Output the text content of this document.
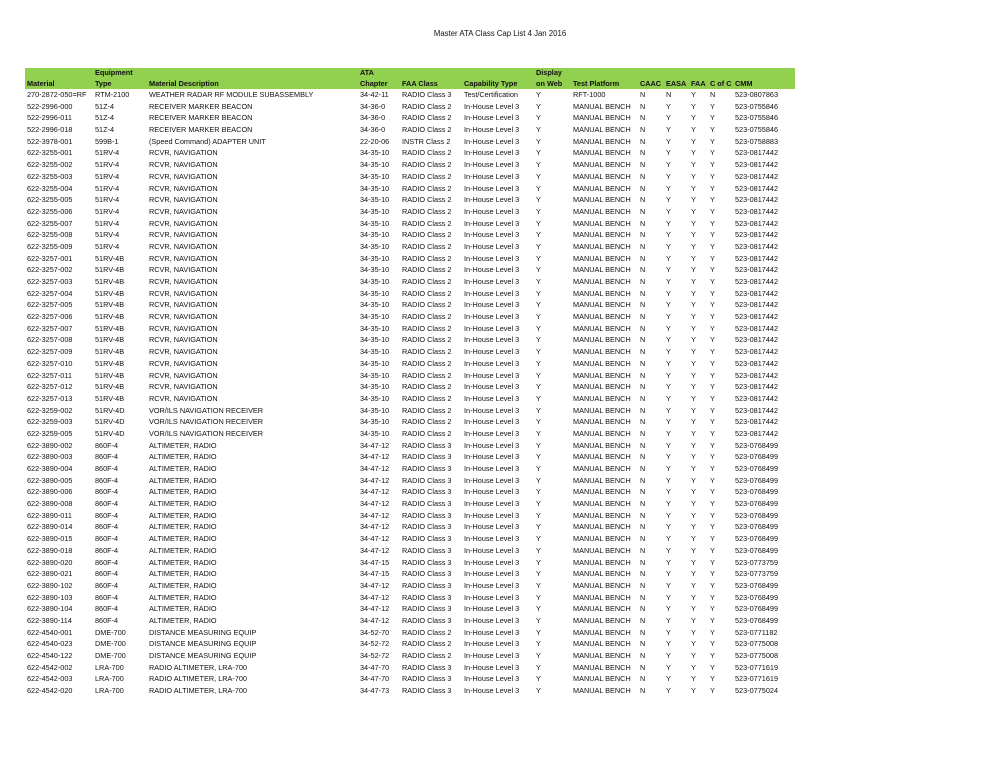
Master ATA Class Cap List 4 Jan 2016
	Equipment		ATA			Display						
Material	Type	Material Description	Chapter	FAA Class	Capability Type	on Web	Test Platform	CAAC	EASA	FAA	C of C	CMM
270-2872-050=RF	RTM-2100	WEATHER RADAR RF MODULE SUBASSEMBLY	34-42-11	RADIO Class 3	Test/Certification	Y	RFT-1000	N	N	Y	N	523-0807863
522-2996-000	51Z-4	RECEIVER MARKER BEACON	34-36-0	RADIO Class 2	In-House Level 3	Y	MANUAL BENCH	N	Y	Y	Y	523-0755846
522-2996-011	51Z-4	RECEIVER MARKER BEACON	34-36-0	RADIO Class 2	In-House Level 3	Y	MANUAL BENCH	N	Y	Y	Y	523-0755846
522-2996-018	51Z-4	RECEIVER MARKER BEACON	34-36-0	RADIO Class 2	In-House Level 3	Y	MANUAL BENCH	N	Y	Y	Y	523-0755846
522-3978-001	599B-1	(Speed Command) ADAPTER UNIT	22-20-06	INSTR Class 2	In-House Level 3	Y	MANUAL BENCH	N	Y	Y	Y	523-0758883
622-3255-001	51RV-4	RCVR, NAVIGATION	34-35-10	RADIO Class 2	In-House Level 3	Y	MANUAL BENCH	N	Y	Y	Y	523-0817442
622-3255-002	51RV-4	RCVR, NAVIGATION	34-35-10	RADIO Class 2	In-House Level 3	Y	MANUAL BENCH	N	Y	Y	Y	523-0817442
622-3255-003	51RV-4	RCVR, NAVIGATION	34-35-10	RADIO Class 2	In-House Level 3	Y	MANUAL BENCH	N	Y	Y	Y	523-0817442
622-3255-004	51RV-4	RCVR, NAVIGATION	34-35-10	RADIO Class 2	In-House Level 3	Y	MANUAL BENCH	N	Y	Y	Y	523-0817442
622-3255-005	51RV-4	RCVR, NAVIGATION	34-35-10	RADIO Class 2	In-House Level 3	Y	MANUAL BENCH	N	Y	Y	Y	523-0817442
622-3255-006	51RV-4	RCVR, NAVIGATION	34-35-10	RADIO Class 2	In-House Level 3	Y	MANUAL BENCH	N	Y	Y	Y	523-0817442
622-3255-007	51RV-4	RCVR, NAVIGATION	34-35-10	RADIO Class 2	In-House Level 3	Y	MANUAL BENCH	N	Y	Y	Y	523-0817442
622-3255-008	51RV-4	RCVR, NAVIGATION	34-35-10	RADIO Class 2	In-House Level 3	Y	MANUAL BENCH	N	Y	Y	Y	523-0817442
622-3255-009	51RV-4	RCVR, NAVIGATION	34-35-10	RADIO Class 2	In-House Level 3	Y	MANUAL BENCH	N	Y	Y	Y	523-0817442
622-3257-001	51RV-4B	RCVR, NAVIGATION	34-35-10	RADIO Class 2	In-House Level 3	Y	MANUAL BENCH	N	Y	Y	Y	523-0817442
622-3257-002	51RV-4B	RCVR, NAVIGATION	34-35-10	RADIO Class 2	In-House Level 3	Y	MANUAL BENCH	N	Y	Y	Y	523-0817442
622-3257-003	51RV-4B	RCVR, NAVIGATION	34-35-10	RADIO Class 2	In-House Level 3	Y	MANUAL BENCH	N	Y	Y	Y	523-0817442
622-3257-004	51RV-4B	RCVR, NAVIGATION	34-35-10	RADIO Class 2	In-House Level 3	Y	MANUAL BENCH	N	Y	Y	Y	523-0817442
622-3257-005	51RV-4B	RCVR, NAVIGATION	34-35-10	RADIO Class 2	In-House Level 3	Y	MANUAL BENCH	N	Y	Y	Y	523-0817442
622-3257-006	51RV-4B	RCVR, NAVIGATION	34-35-10	RADIO Class 2	In-House Level 3	Y	MANUAL BENCH	N	Y	Y	Y	523-0817442
622-3257-007	51RV-4B	RCVR, NAVIGATION	34-35-10	RADIO Class 2	In-House Level 3	Y	MANUAL BENCH	N	Y	Y	Y	523-0817442
622-3257-008	51RV-4B	RCVR, NAVIGATION	34-35-10	RADIO Class 2	In-House Level 3	Y	MANUAL BENCH	N	Y	Y	Y	523-0817442
622-3257-009	51RV-4B	RCVR, NAVIGATION	34-35-10	RADIO Class 2	In-House Level 3	Y	MANUAL BENCH	N	Y	Y	Y	523-0817442
622-3257-010	51RV-4B	RCVR, NAVIGATION	34-35-10	RADIO Class 2	In-House Level 3	Y	MANUAL BENCH	N	Y	Y	Y	523-0817442
622-3257-011	51RV-4B	RCVR, NAVIGATION	34-35-10	RADIO Class 2	In-House Level 3	Y	MANUAL BENCH	N	Y	Y	Y	523-0817442
622-3257-012	51RV-4B	RCVR, NAVIGATION	34-35-10	RADIO Class 2	In-House Level 3	Y	MANUAL BENCH	N	Y	Y	Y	523-0817442
622-3257-013	51RV-4B	RCVR, NAVIGATION	34-35-10	RADIO Class 2	In-House Level 3	Y	MANUAL BENCH	N	Y	Y	Y	523-0817442
622-3259-002	51RV-4D	VOR/ILS NAVIGATION RECEIVER	34-35-10	RADIO Class 2	In-House Level 3	Y	MANUAL BENCH	N	Y	Y	Y	523-0817442
622-3259-003	51RV-4D	VOR/ILS NAVIGATION RECEIVER	34-35-10	RADIO Class 2	In-House Level 3	Y	MANUAL BENCH	N	Y	Y	Y	523-0817442
622-3259-005	51RV-4D	VOR/ILS NAVIGATION RECEIVER	34-35-10	RADIO Class 2	In-House Level 3	Y	MANUAL BENCH	N	Y	Y	Y	523-0817442
622-3890-002	860F-4	ALTIMETER, RADIO	34-47-12	RADIO Class 3	In-House Level 3	Y	MANUAL BENCH	N	Y	Y	Y	523-0768499
622-3890-003	860F-4	ALTIMETER, RADIO	34-47-12	RADIO Class 3	In-House Level 3	Y	MANUAL BENCH	N	Y	Y	Y	523-0768499
622-3890-004	860F-4	ALTIMETER, RADIO	34-47-12	RADIO Class 3	In-House Level 3	Y	MANUAL BENCH	N	Y	Y	Y	523-0768499
622-3890-005	860F-4	ALTIMETER, RADIO	34-47-12	RADIO Class 3	In-House Level 3	Y	MANUAL BENCH	N	Y	Y	Y	523-0768499
622-3890-006	860F-4	ALTIMETER, RADIO	34-47-12	RADIO Class 3	In-House Level 3	Y	MANUAL BENCH	N	Y	Y	Y	523-0768499
622-3890-008	860F-4	ALTIMETER, RADIO	34-47-12	RADIO Class 3	In-House Level 3	Y	MANUAL BENCH	N	Y	Y	Y	523-0768499
622-3890-011	860F-4	ALTIMETER, RADIO	34-47-12	RADIO Class 3	In-House Level 3	Y	MANUAL BENCH	N	Y	Y	Y	523-0768499
622-3890-014	860F-4	ALTIMETER, RADIO	34-47-12	RADIO Class 3	In-House Level 3	Y	MANUAL BENCH	N	Y	Y	Y	523-0768499
622-3890-015	860F-4	ALTIMETER, RADIO	34-47-12	RADIO Class 3	In-House Level 3	Y	MANUAL BENCH	N	Y	Y	Y	523-0768499
622-3890-018	860F-4	ALTIMETER, RADIO	34-47-12	RADIO Class 3	In-House Level 3	Y	MANUAL BENCH	N	Y	Y	Y	523-0768499
622-3890-020	860F-4	ALTIMETER, RADIO	34-47-15	RADIO Class 3	In-House Level 3	Y	MANUAL BENCH	N	Y	Y	Y	523-0773759
622-3890-021	860F-4	ALTIMETER, RADIO	34-47-15	RADIO Class 3	In-House Level 3	Y	MANUAL BENCH	N	Y	Y	Y	523-0773759
622-3890-102	860F-4	ALTIMETER, RADIO	34-47-12	RADIO Class 3	In-House Level 3	Y	MANUAL BENCH	N	Y	Y	Y	523-0768499
622-3890-103	860F-4	ALTIMETER, RADIO	34-47-12	RADIO Class 3	In-House Level 3	Y	MANUAL BENCH	N	Y	Y	Y	523-0768499
622-3890-104	860F-4	ALTIMETER, RADIO	34-47-12	RADIO Class 3	In-House Level 3	Y	MANUAL BENCH	N	Y	Y	Y	523-0768499
622-3890-114	860F-4	ALTIMETER, RADIO	34-47-12	RADIO Class 3	In-House Level 3	Y	MANUAL BENCH	N	Y	Y	Y	523-0768499
622-4540-001	DME-700	DISTANCE MEASURING EQUIP	34-52-70	RADIO Class 2	In-House Level 3	Y	MANUAL BENCH	N	Y	Y	Y	523-0771182
622-4540-023	DME-700	DISTANCE MEASURING EQUIP	34-52-72	RADIO Class 2	In-House Level 3	Y	MANUAL BENCH	N	Y	Y	Y	523-0775008
622-4540-122	DME-700	DISTANCE MEASURING EQUIP	34-52-72	RADIO Class 2	In-House Level 3	Y	MANUAL BENCH	N	Y	Y	Y	523-0775008
622-4542-002	LRA-700	RADIO ALTIMETER, LRA-700	34-47-70	RADIO Class 3	In-House Level 3	Y	MANUAL BENCH	N	Y	Y	Y	523-0771619
622-4542-003	LRA-700	RADIO ALTIMETER, LRA-700	34-47-70	RADIO Class 3	In-House Level 3	Y	MANUAL BENCH	N	Y	Y	Y	523-0771619
622-4542-020	LRA-700	RADIO ALTIMETER, LRA-700	34-47-73	RADIO Class 3	In-House Level 3	Y	MANUAL BENCH	N	Y	Y	Y	523-0775024
